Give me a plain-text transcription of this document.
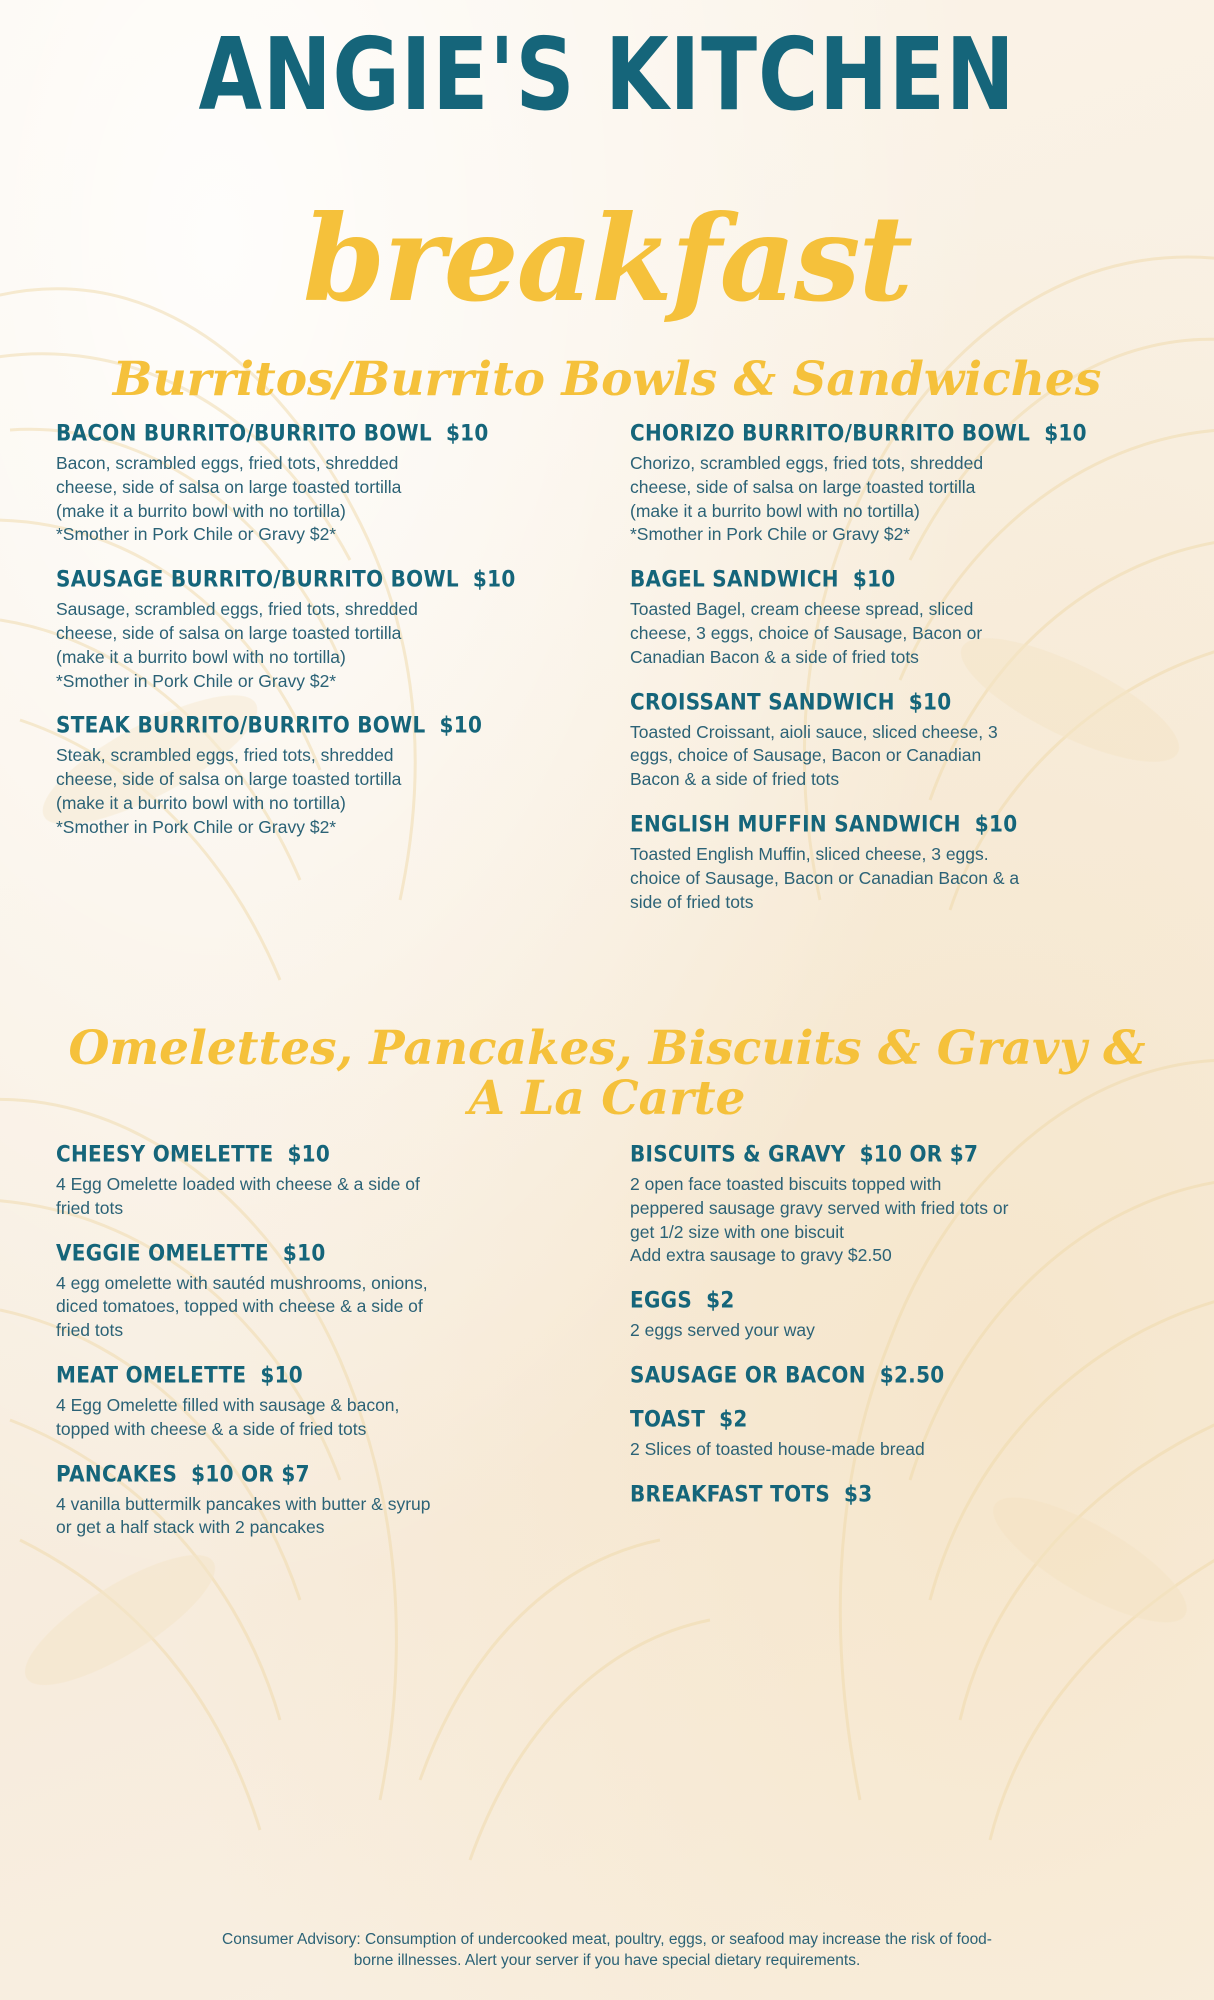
ANGIE'S KITCHEN
breakfast
Burritos/Burrito Bowls & Sandwiches
BACON BURRITO/BURRITO BOWL $10
Bacon, scrambled eggs, fried tots, shredded
cheese, side of salsa on large toasted tortilla
(make it a burrito bowl with no tortilla)
*Smother in Pork Chile or Gravy $2*
SAUSAGE BURRITO/BURRITO BOWL $10
Sausage, scrambled eggs, fried tots, shredded
cheese, side of salsa on large toasted tortilla
(make it a burrito bowl with no tortilla)
*Smother in Pork Chile or Gravy $2*
STEAK BURRITO/BURRITO BOWL $10
Steak, scrambled eggs, fried tots, shredded
cheese, side of salsa on large toasted tortilla
(make it a burrito bowl with no tortilla)
*Smother in Pork Chile or Gravy $2*
CHORIZO BURRITO/BURRITO BOWL $10
Chorizo, scrambled eggs, fried tots, shredded
cheese, side of salsa on large toasted tortilla
(make it a burrito bowl with no tortilla)
*Smother in Pork Chile or Gravy $2*
BAGEL SANDWICH $10
Toasted Bagel, cream cheese spread, sliced
cheese, 3 eggs, choice of Sausage, Bacon or
Canadian Bacon & a side of fried tots
CROISSANT SANDWICH $10
Toasted Croissant, aioli sauce, sliced cheese, 3
eggs, choice of Sausage, Bacon or Canadian
Bacon & a side of fried tots
ENGLISH MUFFIN SANDWICH $10
Toasted English Muffin, sliced cheese, 3 eggs.
choice of Sausage, Bacon or Canadian Bacon & a
side of fried tots
Omelettes, Pancakes, Biscuits & Gravy &
A La Carte
CHEESY OMELETTE $10
4 Egg Omelette loaded with cheese & a side of
fried tots
VEGGIE OMELETTE $10
4 egg omelette with sautéd mushrooms, onions,
diced tomatoes, topped with cheese & a side of
fried tots
MEAT OMELETTE $10
4 Egg Omelette filled with sausage & bacon,
topped with cheese & a side of fried tots
PANCAKES $10 OR $7
4 vanilla buttermilk pancakes with butter & syrup
or get a half stack with 2 pancakes
BISCUITS & GRAVY $10 OR $7
2 open face toasted biscuits topped with
peppered sausage gravy served with fried tots or
get 1/2 size with one biscuit
Add extra sausage to gravy $2.50
EGGS $2
2 eggs served your way
SAUSAGE OR BACON $2.50
TOAST $2
2 Slices of toasted house-made bread
BREAKFAST TOTS $3
Consumer Advisory: Consumption of undercooked meat, poultry, eggs, or seafood may increase the risk of food-
borne illnesses. Alert your server if you have special dietary requirements.
